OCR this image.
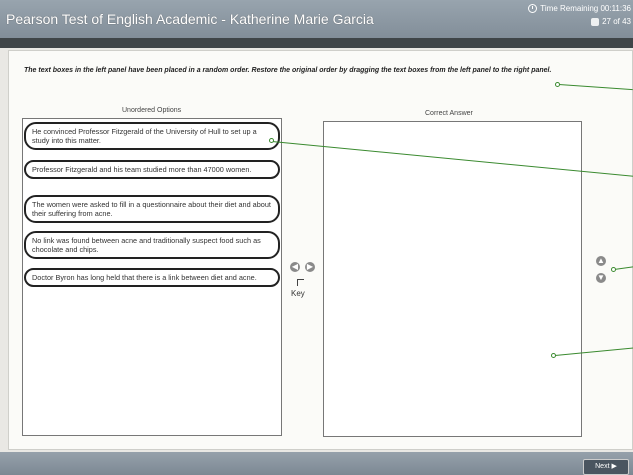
Pearson Test of English Academic - Katherine Marie Garcia
Time Remaining 00:11:36
27 of 43
The text boxes in the left panel have been placed in a random order. Restore the original order by dragging the text boxes from the left panel to the right panel.
Unordered Options	Correct Answer
He convinced Professor Fitzgerald of the University of Hull to set up a study into this matter.
Professor Fitzgerald and his team studied more than 47000 women.
The women were asked to fill in a questionnaire about their diet and about their suffering from acne.
No link was found between acne and traditionally suspect food such as chocolate and chips.
Doctor Byron has long held that there is a link between diet and acne.
◀ ▶
Key
▲
▼
Next ▶
